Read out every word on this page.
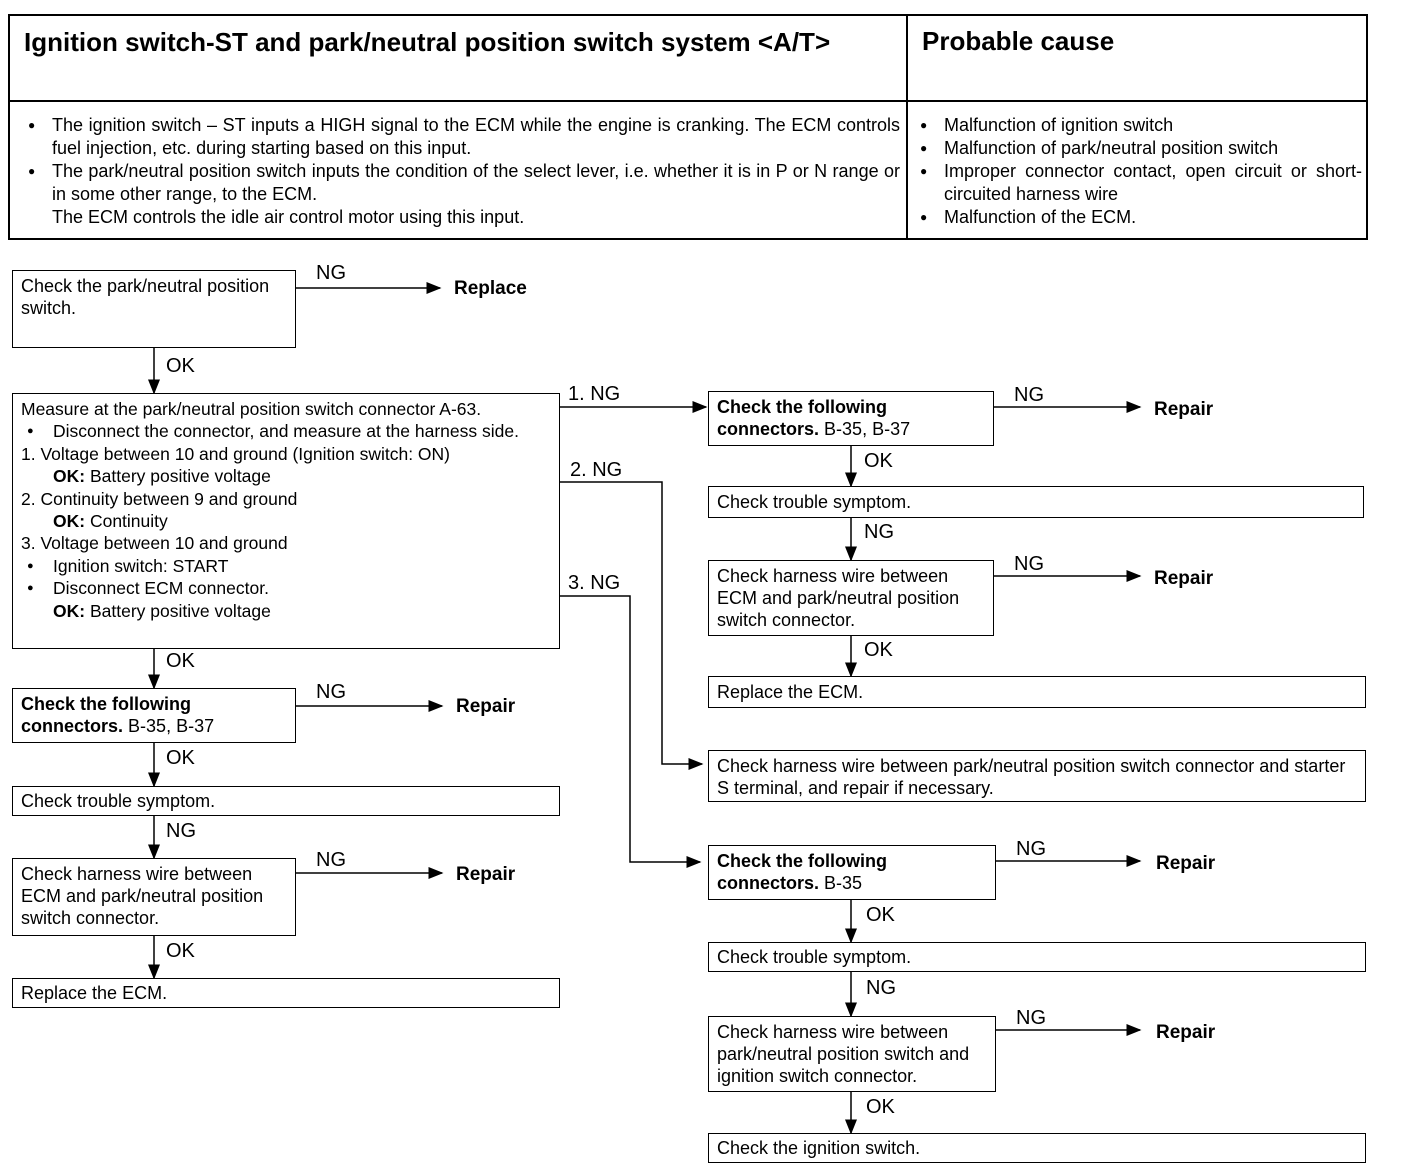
Ignition switch-ST and park/neutral position switch system <A/T>	Probable cause
● The ignition switch – ST inputs a HIGH signal to the ECM while the engine is cranking. The ECM controls fuel injection, etc. during starting based on this input.
● The park/neutral position switch inputs the condition of the select lever, i.e. whether it is in P or N range or in some other range, to the ECM.
The ECM controls the idle air control motor using this input.
● Malfunction of ignition switch
● Malfunction of park/neutral position switch
● Improper connector contact, open circuit or short-circuited harness wire
● Malfunction of the ECM.
Check the park/neutral position switch.
NG
Replace
OK
Measure at the park/neutral position switch connector A-63.
● Disconnect the connector, and measure at the harness side.
1. Voltage between 10 and ground (Ignition switch: ON)
OK: Battery positive voltage
2. Continuity between 9 and ground
OK: Continuity
3. Voltage between 10 and ground
● Ignition switch: START
● Disconnect ECM connector.
OK: Battery positive voltage
1. NG
2. NG
3. NG
OK
Check the following connectors. B-35, B-37
NG
Repair
OK
Check trouble symptom.
NG
Check harness wire between ECM and park/neutral position switch connector.
NG
Repair
OK
Replace the ECM.
Check the following connectors. B-35, B-37
NG
Repair
OK
Check trouble symptom.
NG
Check harness wire between ECM and park/neutral position switch connector.
NG
Repair
OK
Replace the ECM.
Check harness wire between park/neutral position switch connector and starter S terminal, and repair if necessary.
Check the following connectors. B-35
NG
Repair
OK
Check trouble symptom.
NG
Check harness wire between park/neutral position switch and ignition switch connector.
NG
Repair
OK
Check the ignition switch.
